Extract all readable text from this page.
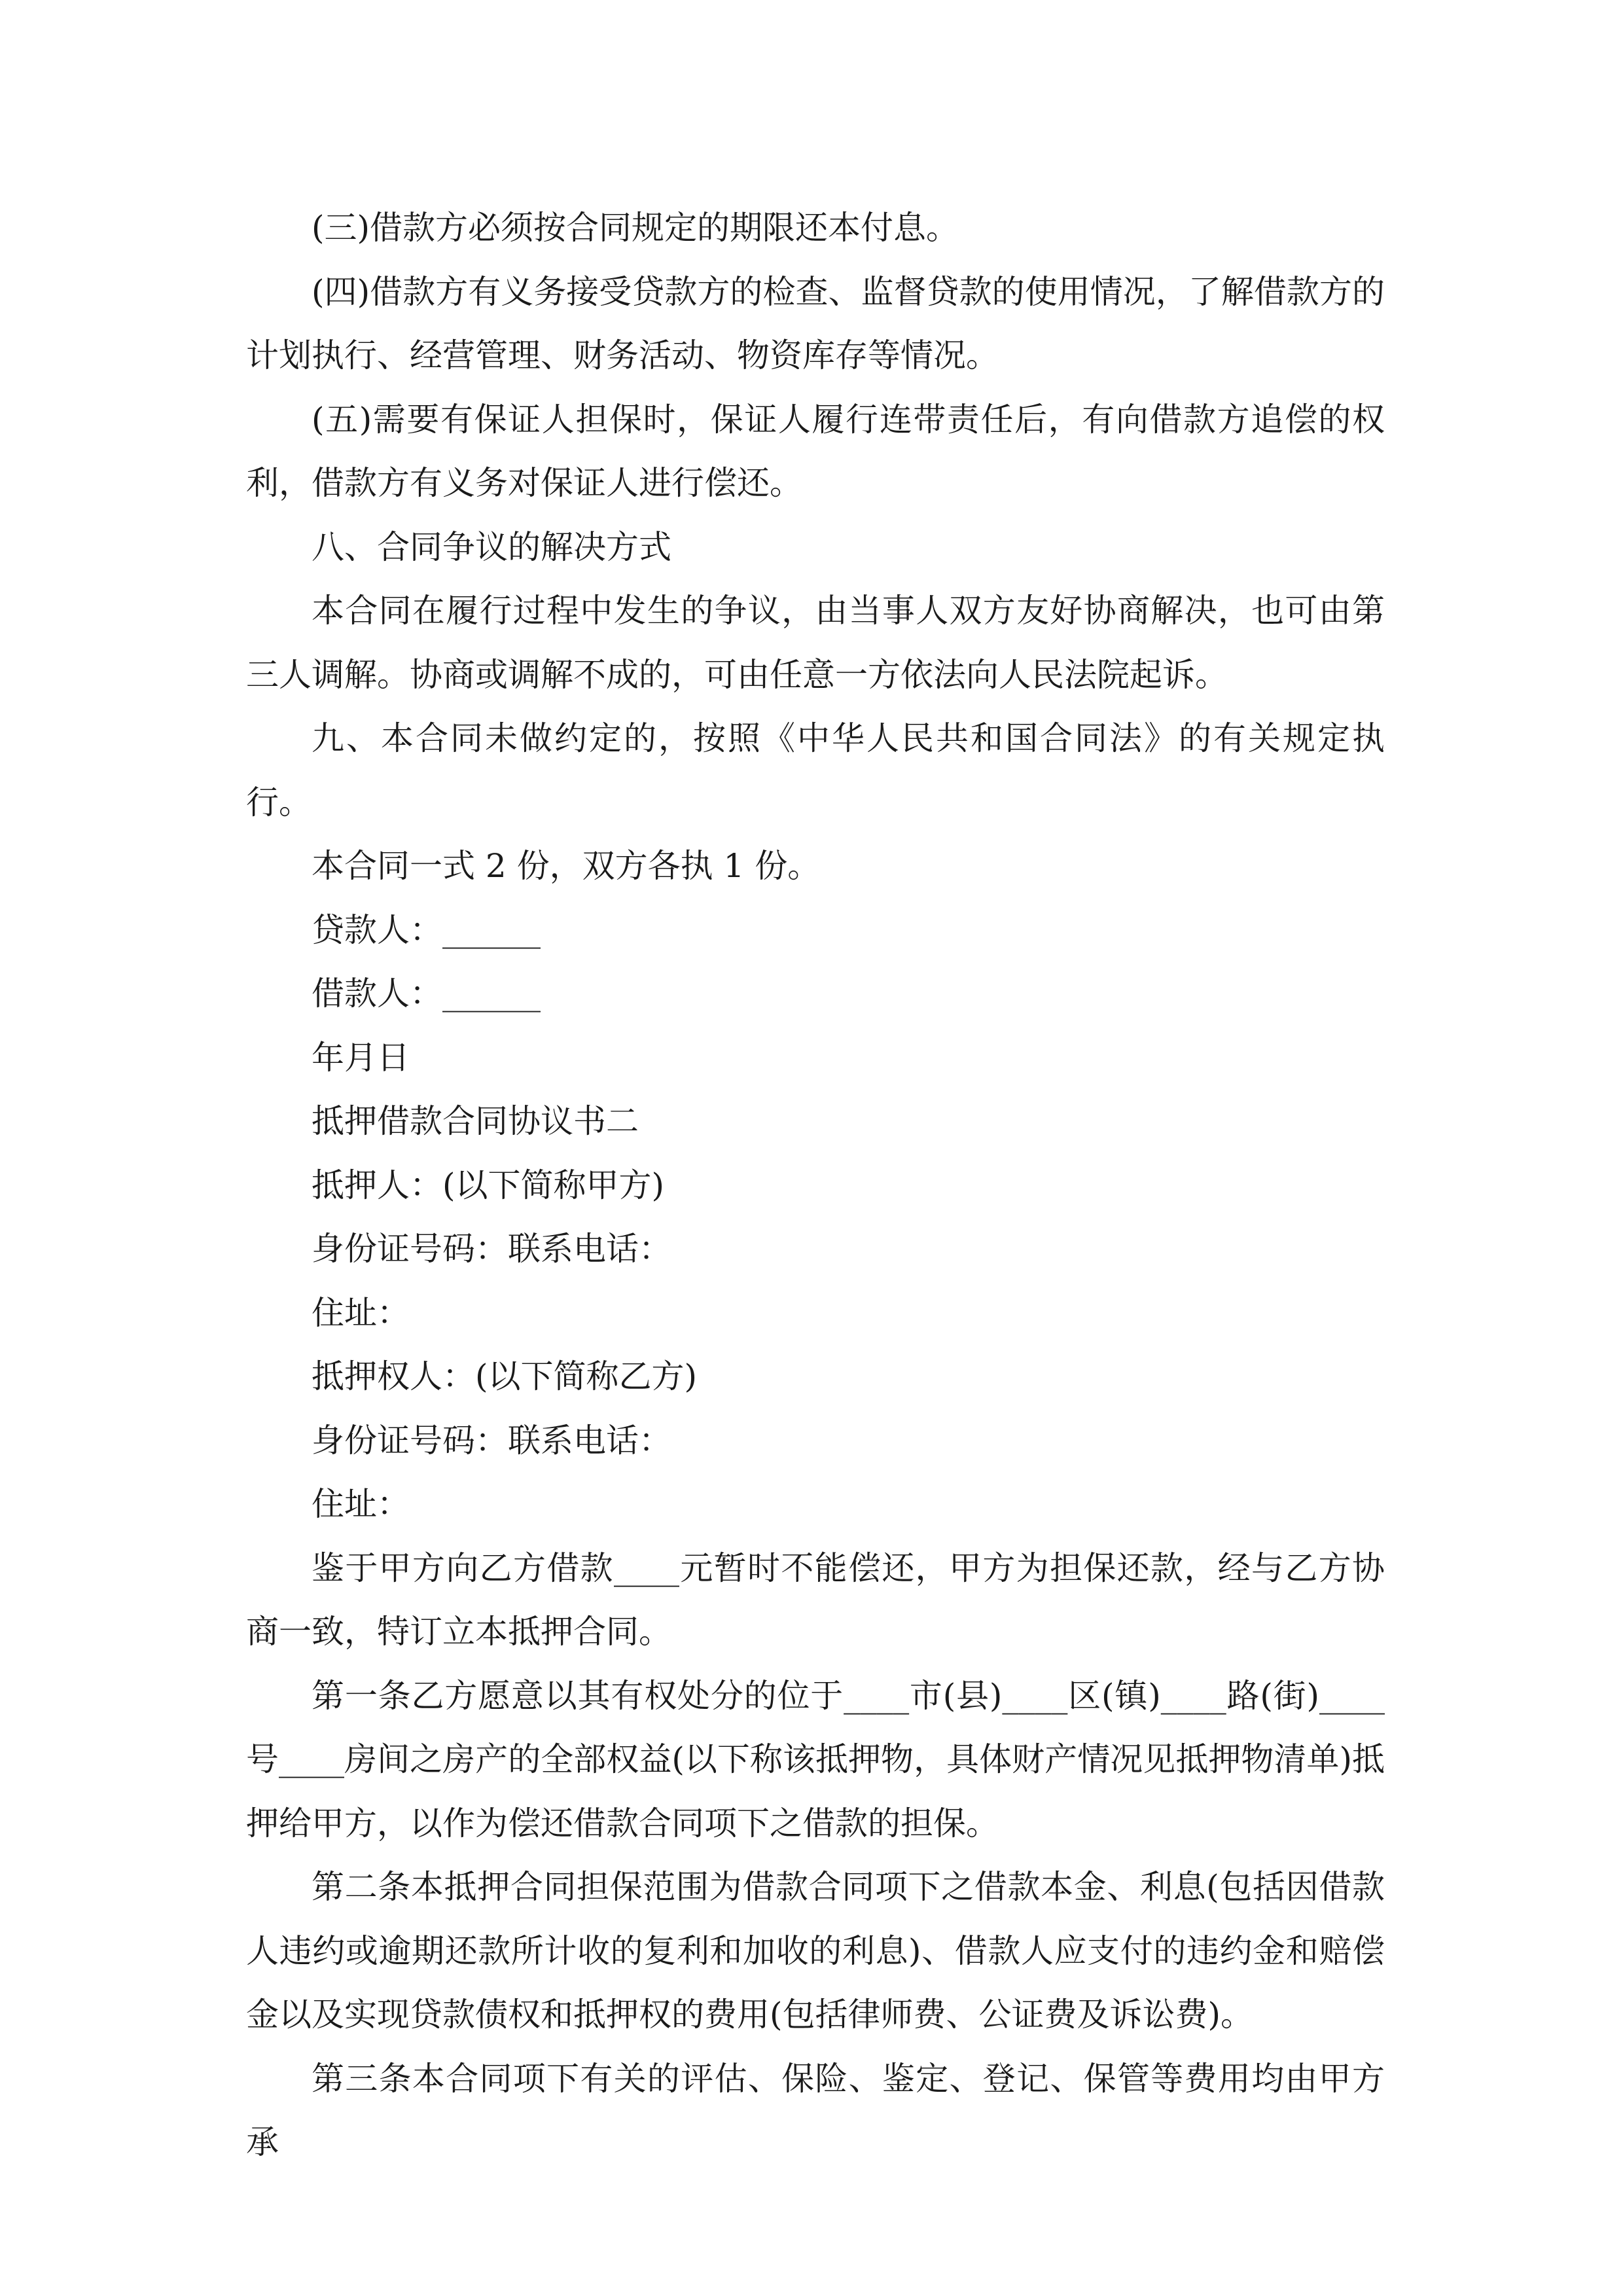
(三)借款方必须按合同规定的期限还本付息。

(四)借款方有义务接受贷款方的检查、监督贷款的使用情况，了解借款方的计划执行、经营管理、财务活动、物资库存等情况。

(五)需要有保证人担保时，保证人履行连带责任后，有向借款方追偿的权利，借款方有义务对保证人进行偿还。

八、合同争议的解决方式

本合同在履行过程中发生的争议，由当事人双方友好协商解决，也可由第三人调解。协商或调解不成的，可由任意一方依法向人民法院起诉。

九、本合同未做约定的，按照《中华人民共和国合同法》的有关规定执行。

本合同一式 2 份，双方各执 1 份。

贷款人：______

借款人：______

年月日

抵押借款合同协议书二

抵押人：(以下简称甲方)

身份证号码：联系电话：

住址：

抵押权人：(以下简称乙方)

身份证号码：联系电话：

住址：

鉴于甲方向乙方借款____元暂时不能偿还，甲方为担保还款，经与乙方协商一致，特订立本抵押合同。

第一条乙方愿意以其有权处分的位于____市(县)____区(镇)____路(街)____号____房间之房产的全部权益(以下称该抵押物，具体财产情况见抵押物清单)抵押给甲方，以作为偿还借款合同项下之借款的担保。

第二条本抵押合同担保范围为借款合同项下之借款本金、利息(包括因借款人违约或逾期还款所计收的复利和加收的利息)、借款人应支付的违约金和赔偿金以及实现贷款债权和抵押权的费用(包括律师费、公证费及诉讼费)。

第三条本合同项下有关的评估、保险、鉴定、登记、保管等费用均由甲方承
